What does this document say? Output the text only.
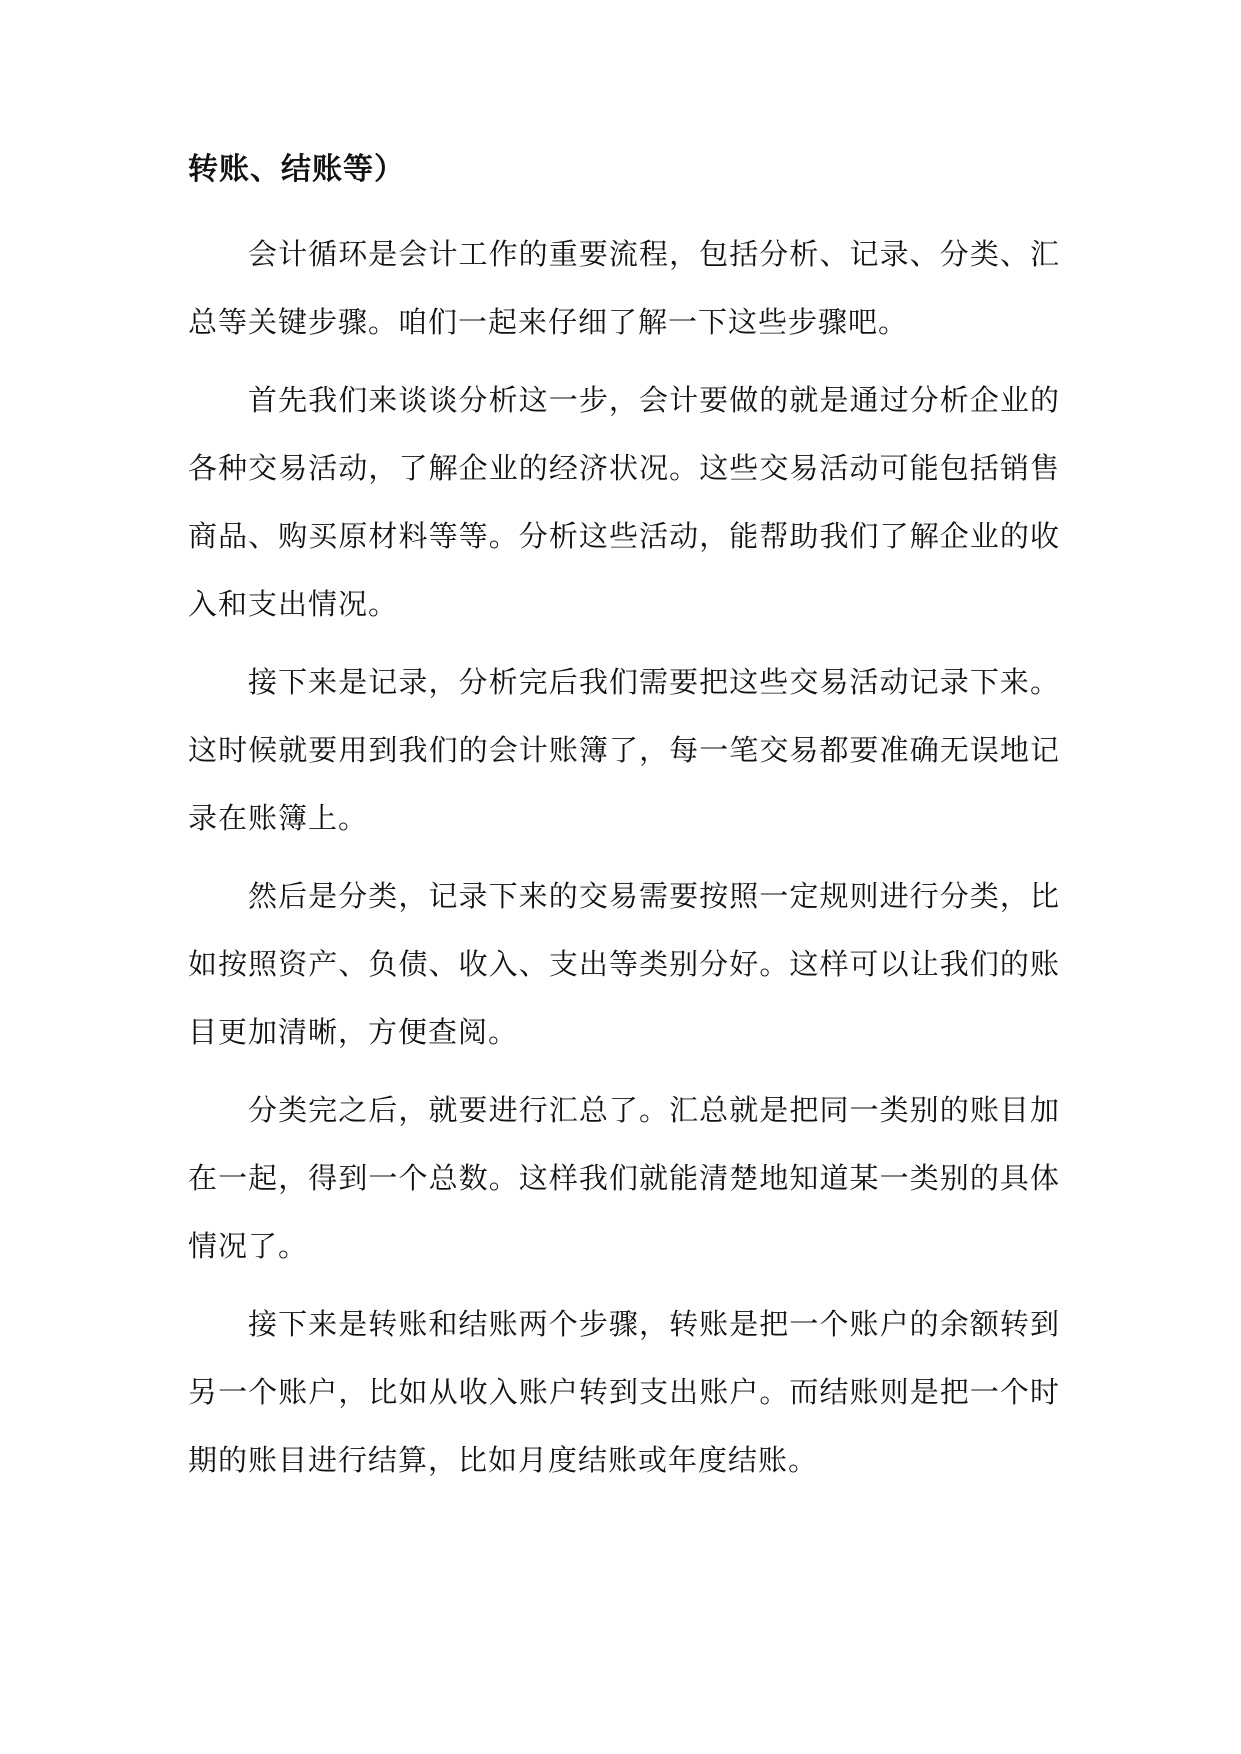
转账、结账等）

会计循环是会计工作的重要流程，包括分析、记录、分类、汇总等关键步骤。咱们一起来仔细了解一下这些步骤吧。

首先我们来谈谈分析这一步，会计要做的就是通过分析企业的各种交易活动，了解企业的经济状况。这些交易活动可能包括销售商品、购买原材料等等。分析这些活动，能帮助我们了解企业的收入和支出情况。

接下来是记录，分析完后我们需要把这些交易活动记录下来。这时候就要用到我们的会计账簿了，每一笔交易都要准确无误地记录在账簿上。

然后是分类，记录下来的交易需要按照一定规则进行分类，比如按照资产、负债、收入、支出等类别分好。这样可以让我们的账目更加清晰，方便查阅。

分类完之后，就要进行汇总了。汇总就是把同一类别的账目加在一起，得到一个总数。这样我们就能清楚地知道某一类别的具体情况了。

接下来是转账和结账两个步骤，转账是把一个账户的余额转到另一个账户，比如从收入账户转到支出账户。而结账则是把一个时期的账目进行结算，比如月度结账或年度结账。
